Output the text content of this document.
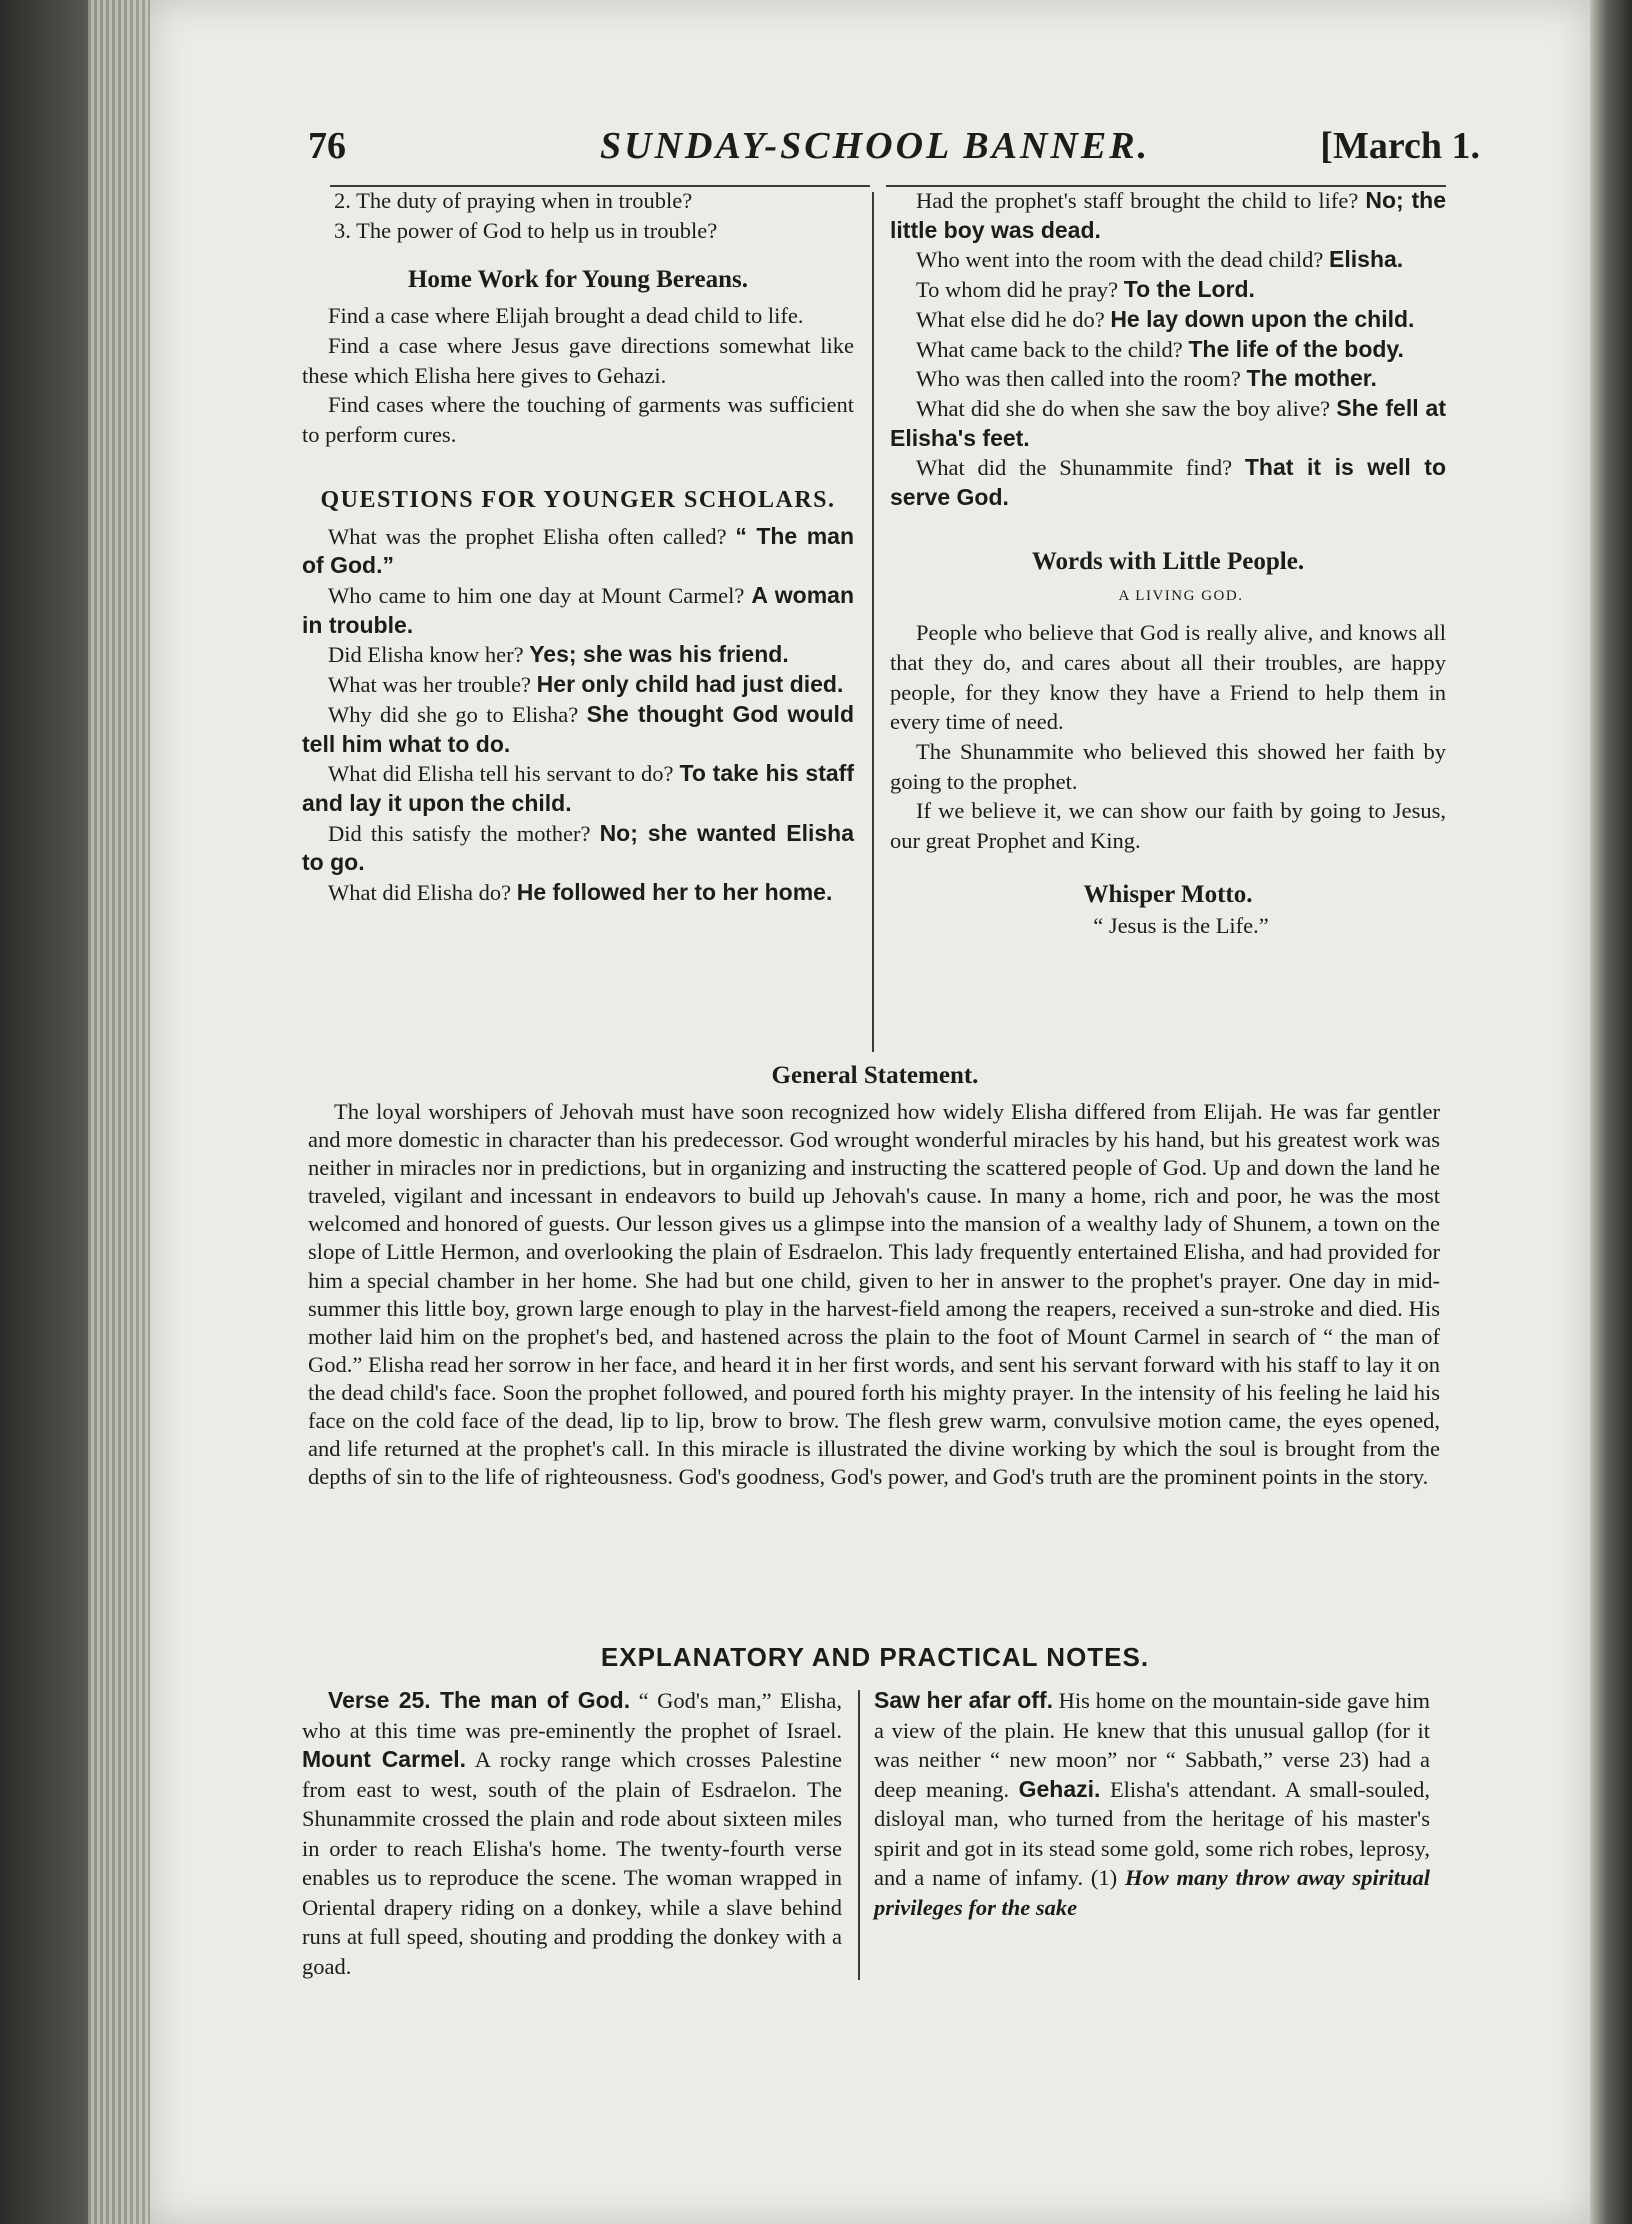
76	SUNDAY-SCHOOL BANNER.	[March 1.

2. The duty of praying when in trouble?

3. The power of God to help us in trouble?

Home Work for Young Bereans.

Find a case where Elijah brought a dead child to life.

Find a case where Jesus gave directions somewhat like these which Elisha here gives to Gehazi.

Find cases where the touching of garments was sufficient to perform cures.

QUESTIONS FOR YOUNGER SCHOLARS.

What was the prophet Elisha often called? “ The man of God.”

Who came to him one day at Mount Carmel? A woman in trouble.

Did Elisha know her? Yes; she was his friend.

What was her trouble? Her only child had just died.

Why did she go to Elisha? She thought God would tell him what to do.

What did Elisha tell his servant to do? To take his staff and lay it upon the child.

Did this satisfy the mother? No; she wanted Elisha to go.

What did Elisha do? He followed her to her home.

Had the prophet's staff brought the child to life? No; the little boy was dead.

Who went into the room with the dead child? Elisha.

To whom did he pray? To the Lord.

What else did he do? He lay down upon the child.

What came back to the child? The life of the body.

Who was then called into the room? The mother.

What did she do when she saw the boy alive? She fell at Elisha's feet.

What did the Shunammite find? That it is well to serve God.

Words with Little People.

A LIVING GOD.

People who believe that God is really alive, and knows all that they do, and cares about all their troubles, are happy people, for they know they have a Friend to help them in every time of need.

The Shunammite who believed this showed her faith by going to the prophet.

If we believe it, we can show our faith by going to Jesus, our great Prophet and King.

Whisper Motto.

“ Jesus is the Life.”

General Statement.

The loyal worshipers of Jehovah must have soon recognized how widely Elisha differed from Elijah. He was far gentler and more domestic in character than his predecessor. God wrought wonderful miracles by his hand, but his greatest work was neither in miracles nor in predictions, but in organizing and instructing the scattered people of God. Up and down the land he traveled, vigilant and incessant in endeavors to build up Jehovah's cause. In many a home, rich and poor, he was the most welcomed and honored of guests. Our lesson gives us a glimpse into the mansion of a wealthy lady of Shunem, a town on the slope of Little Hermon, and overlooking the plain of Esdraelon. This lady frequently entertained Elisha, and had provided for him a special chamber in her home. She had but one child, given to her in answer to the prophet's prayer. One day in mid-summer this little boy, grown large enough to play in the harvest-field among the reapers, received a sun-stroke and died. His mother laid him on the prophet's bed, and hastened across the plain to the foot of Mount Carmel in search of “ the man of God.” Elisha read her sorrow in her face, and heard it in her first words, and sent his servant forward with his staff to lay it on the dead child's face. Soon the prophet followed, and poured forth his mighty prayer. In the intensity of his feeling he laid his face on the cold face of the dead, lip to lip, brow to brow. The flesh grew warm, convulsive motion came, the eyes opened, and life returned at the prophet's call. In this miracle is illustrated the divine working by which the soul is brought from the depths of sin to the life of righteousness. God's goodness, God's power, and God's truth are the prominent points in the story.

EXPLANATORY AND PRACTICAL NOTES.

Verse 25. The man of God. “ God's man,” Elisha, who at this time was pre-eminently the prophet of Israel. Mount Carmel. A rocky range which crosses Palestine from east to west, south of the plain of Esdraelon. The Shunammite crossed the plain and rode about sixteen miles in order to reach Elisha's home. The twenty-fourth verse enables us to reproduce the scene. The woman wrapped in Oriental drapery riding on a donkey, while a slave behind runs at full speed, shouting and prodding the donkey with a goad.

Saw her afar off. His home on the mountain-side gave him a view of the plain. He knew that this unusual gallop (for it was neither “ new moon” nor “ Sabbath,” verse 23) had a deep meaning. Gehazi. Elisha's attendant. A small-souled, disloyal man, who turned from the heritage of his master's spirit and got in its stead some gold, some rich robes, leprosy, and a name of infamy. (1) How many throw away spiritual privileges for the sake
